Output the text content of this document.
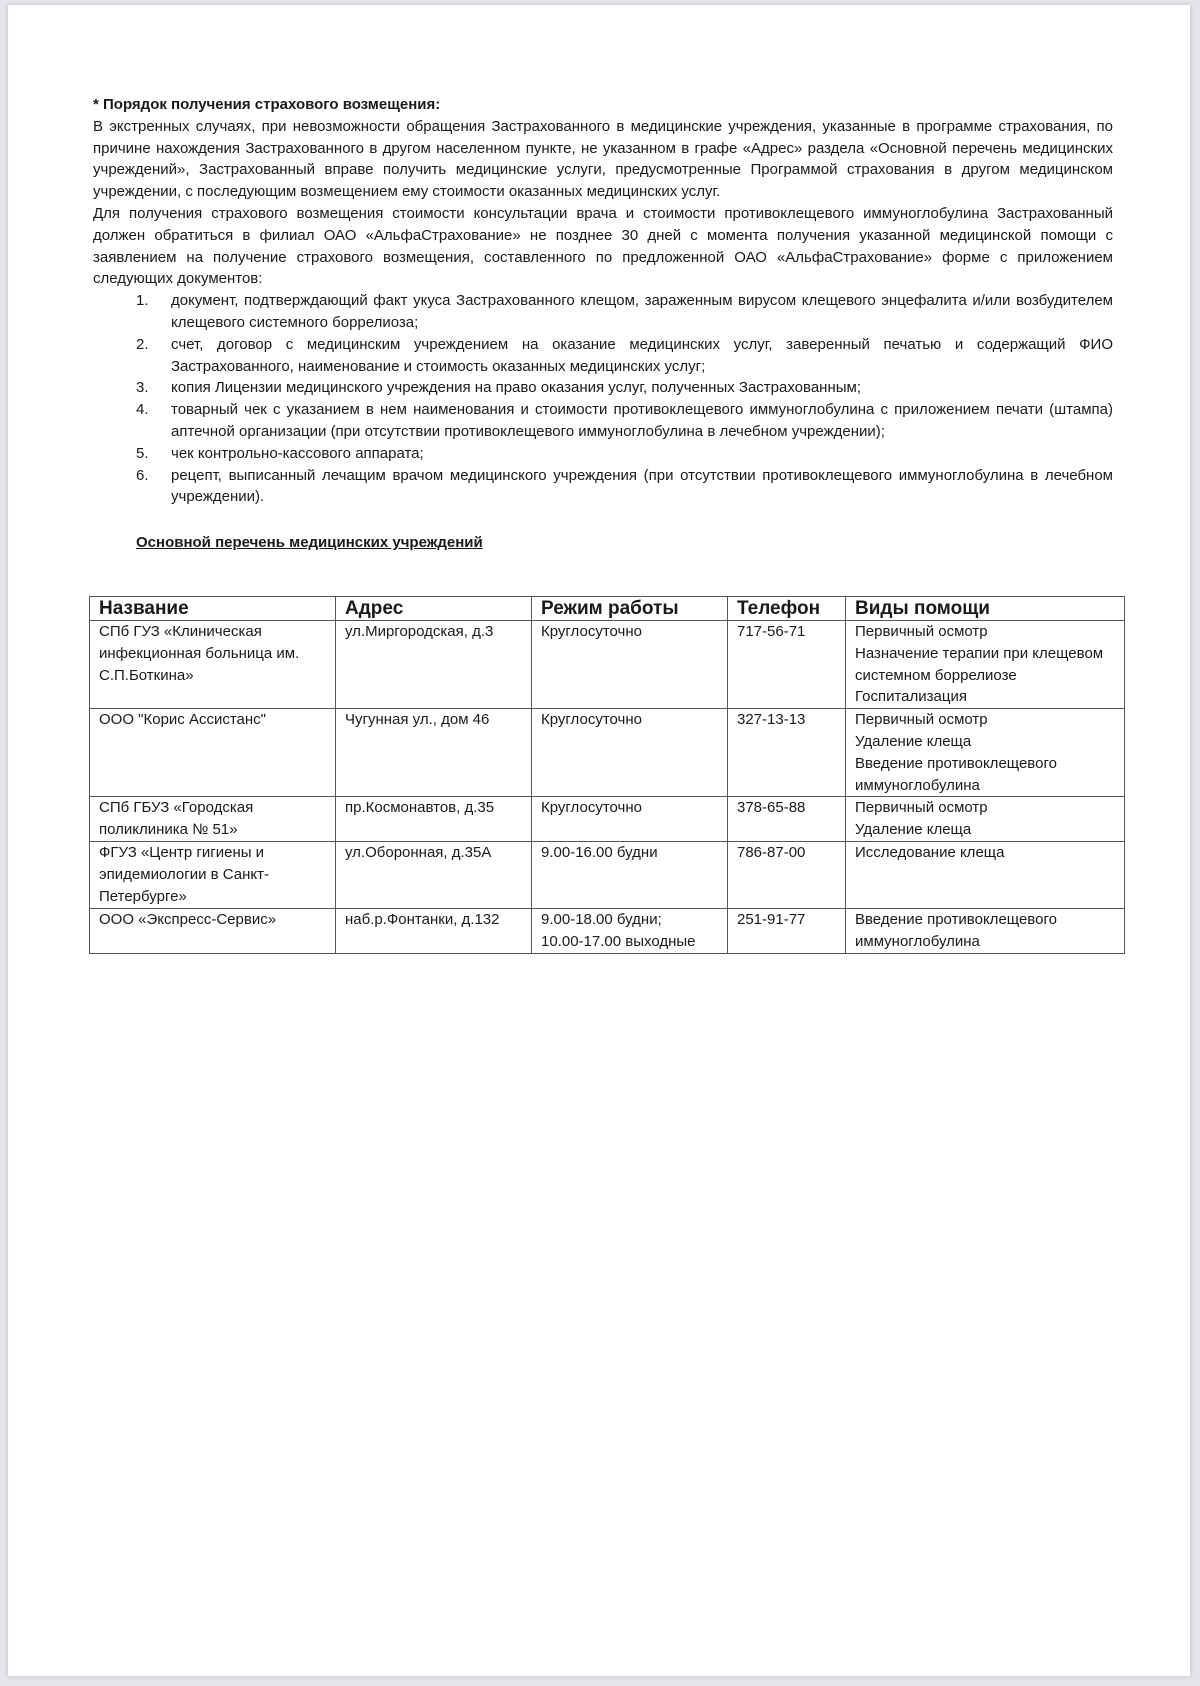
* Порядок получения страхового возмещения:

В экстренных случаях, при невозможности обращения Застрахованного в медицинские учреждения, указанные в программе страхования, по причине нахождения Застрахованного в другом населенном пункте, не указанном в графе «Адрес» раздела «Основной перечень медицинских учреждений», Застрахованный вправе получить медицинские услуги, предусмотренные Программой страхования в другом медицинском учреждении, с последующим возмещением ему стоимости оказанных медицинских услуг.

Для получения страхового возмещения стоимости консультации врача и стоимости противоклещевого иммуноглобулина Застрахованный должен обратиться в филиал ОАО «АльфаСтрахование» не позднее 30 дней с момента получения указанной медицинской помощи с заявлением на получение страхового возмещения, составленного по предложенной ОАО «АльфаСтрахование» форме с приложением следующих документов:

1. документ, подтверждающий факт укуса Застрахованного клещом, зараженным вирусом клещевого энцефалита и/или возбудителем клещевого системного боррелиоза;
2. счет, договор с медицинским учреждением на оказание медицинских услуг, заверенный печатью и содержащий ФИО Застрахованного, наименование и стоимость оказанных медицинских услуг;
3. копия Лицензии медицинского учреждения на право оказания услуг, полученных Застрахованным;
4. товарный чек с указанием в нем наименования и стоимости противоклещевого иммуноглобулина с приложением печати (штампа) аптечной организации (при отсутствии противоклещевого иммуноглобулина в лечебном учреждении);
5. чек контрольно-кассового аппарата;
6. рецепт, выписанный лечащим врачом медицинского учреждения (при отсутствии противоклещевого иммуноглобулина в лечебном учреждении).

Основной перечень медицинских учреждений

Название	Адрес	Режим работы	Телефон	Виды помощи
СПб ГУЗ «Клиническая инфекционная больница им. С.П.Боткина»	ул.Миргородская, д.3	Круглосуточно	717-56-71	Первичный осмотр
Назначение терапии при клещевом системном боррелиозе
Госпитализация

ООО "Корис Ассистанс"	Чугунная ул., дом 46	Круглосуточно	327-13-13	Первичный осмотр
Удаление клеща
Введение противоклещевого иммуноглобулина

СПб ГБУЗ «Городская поликлиника № 51»	пр.Космонавтов, д.35	Круглосуточно	378-65-88	Первичный осмотр
Удаление клеща

ФГУЗ «Центр гигиены и эпидемиологии в Санкт-Петербурге»	ул.Оборонная, д.35А	9.00-16.00 будни	786-87-00	Исследование клеща

ООО «Экспресс-Сервис»	наб.р.Фонтанки, д.132	9.00-18.00 будни;
10.00-17.00 выходные	251-91-77	Введение противоклещевого иммуноглобулина
